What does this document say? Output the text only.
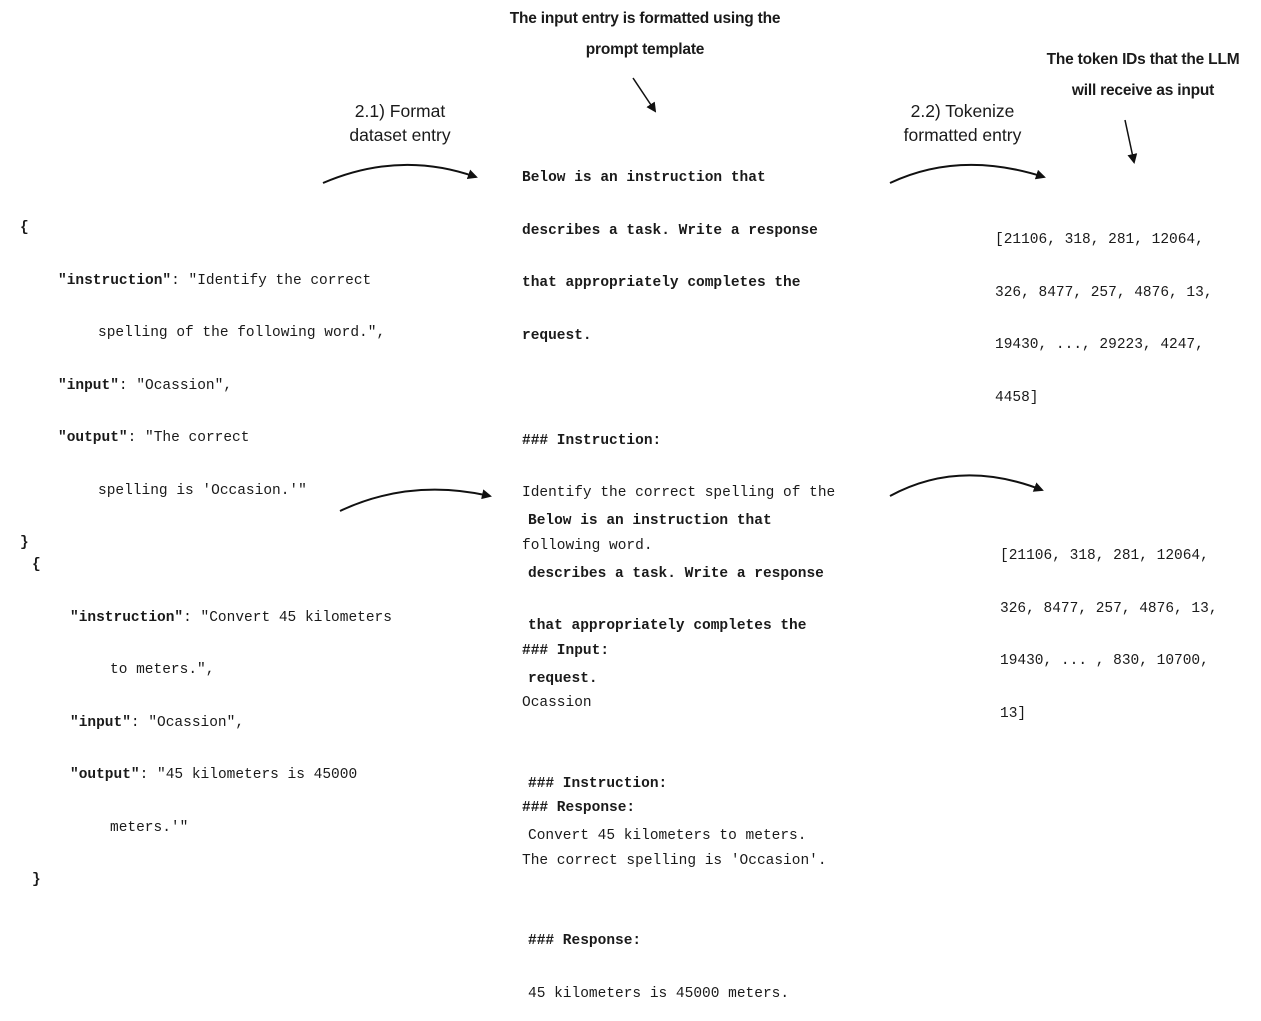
The input entry is formatted using the
prompt template
The token IDs that the LLM
will receive as input
2.1) Format
dataset entry
2.2) Tokenize
formatted entry

{

"instruction": "Identify the correct

spelling of the following word.",

"input": "Ocassion",

"output": "The correct

spelling is 'Occasion.'"

}

Below is an instruction that

describes a task. Write a response

that appropriately completes the

request.

### Instruction:

Identify the correct spelling of the

following word.

### Input:

Ocassion

### Response:

The correct spelling is 'Occasion'.

[21106, 318, 281, 12064,

326, 8477, 257, 4876, 13,

19430, ..., 29223, 4247,

4458]

{

"instruction": "Convert 45 kilometers

to meters.",

"input": "Ocassion",

"output": "45 kilometers is 45000

meters.'"

}

Below is an instruction that

describes a task. Write a response

that appropriately completes the

request.

### Instruction:

Convert 45 kilometers to meters.

### Response:

45 kilometers is 45000 meters.

[21106, 318, 281, 12064,

326, 8477, 257, 4876, 13,

19430, ... , 830, 10700,

13]
